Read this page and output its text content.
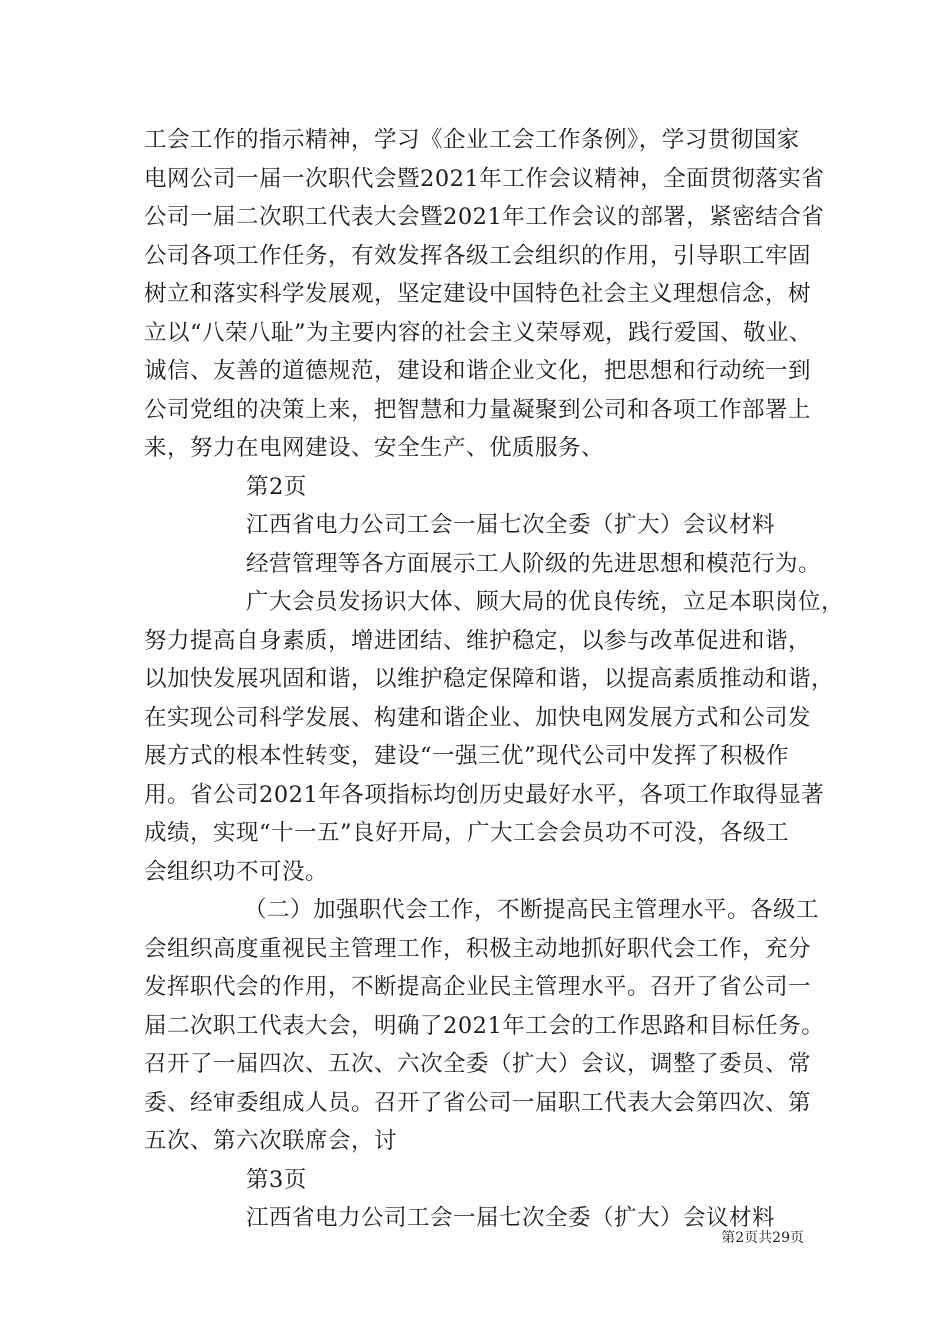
工会工作的指示精神，学习《企业工会工作条例》，学习贯彻国家
电网公司一届一次职代会暨2021年工作会议精神，全面贯彻落实省
公司一届二次职工代表大会暨2021年工作会议的部署，紧密结合省
公司各项工作任务，有效发挥各级工会组织的作用，引导职工牢固
树立和落实科学发展观，坚定建设中国特色社会主义理想信念，树
立以“八荣八耻”为主要内容的社会主义荣辱观，践行爱国、敬业、
诚信、友善的道德规范，建设和谐企业文化，把思想和行动统一到
公司党组的决策上来，把智慧和力量凝聚到公司和各项工作部署上
来，努力在电网建设、安全生产、优质服务、
第2页
江西省电力公司工会一届七次全委（扩大）会议材料
经营管理等各方面展示工人阶级的先进思想和模范行为。
广大会员发扬识大体、顾大局的优良传统，立足本职岗位，
努力提高自身素质，增进团结、维护稳定，以参与改革促进和谐，
以加快发展巩固和谐，以维护稳定保障和谐，以提高素质推动和谐，
在实现公司科学发展、构建和谐企业、加快电网发展方式和公司发
展方式的根本性转变，建设“一强三优”现代公司中发挥了积极作
用。省公司2021年各项指标均创历史最好水平，各项工作取得显著
成绩，实现“十一五”良好开局，广大工会会员功不可没，各级工
会组织功不可没。
（二）加强职代会工作，不断提高民主管理水平。各级工
会组织高度重视民主管理工作，积极主动地抓好职代会工作，充分
发挥职代会的作用，不断提高企业民主管理水平。召开了省公司一
届二次职工代表大会，明确了2021年工会的工作思路和目标任务。
召开了一届四次、五次、六次全委（扩大）会议，调整了委员、常
委、经审委组成人员。召开了省公司一届职工代表大会第四次、第
五次、第六次联席会，讨
第3页
江西省电力公司工会一届七次全委（扩大）会议材料
第2页共29页
